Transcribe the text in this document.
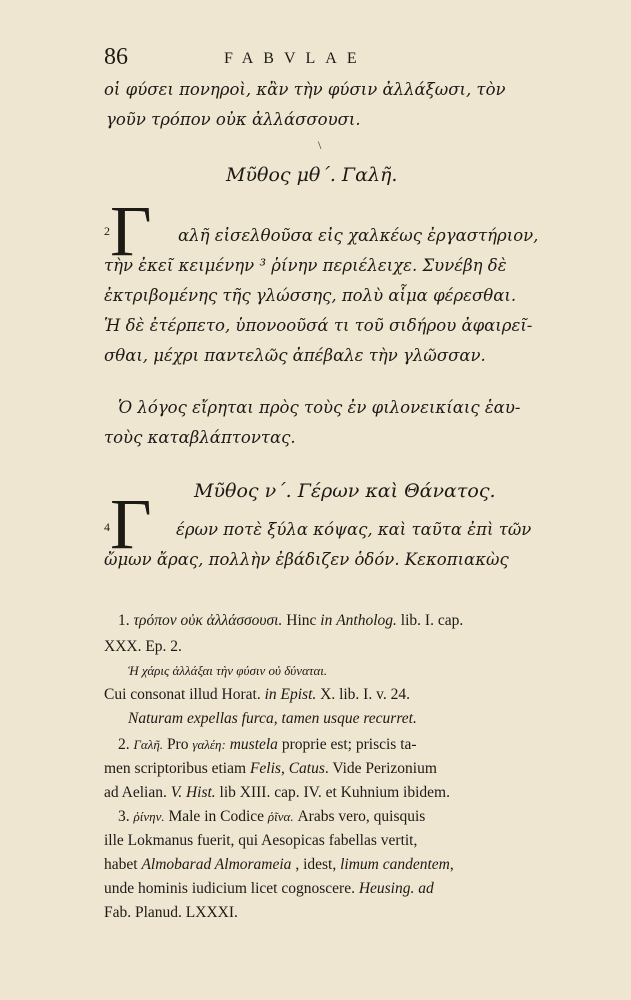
86	FABVLAE
οἱ φύσει πονηροὶ, κἂν τὴν φύσιν ἀλλάξωσι, τὸν
γοῦν τρόπον οὐκ ἀλλάσσουσι.
\
Μῦθος μθ΄. Γαλῆ.
2 Γ αλῆ εἰσελθοῦσα εἰς χαλκέως ἐργαστήριον,
τὴν ἐκεῖ κειμένην ³ ῥίνην περιέλειχε. Συνέβη δὲ
ἐκτριβομένης τῆς γλώσσης, πολὺ αἷμα φέρεσθαι.
Ἡ δὲ ἐτέρπετο, ὑπονοοῦσά τι τοῦ σιδήρου ἀφαιρεῖ-
σθαι, μέχρι παντελῶς ἀπέβαλε τὴν γλῶσσαν.
Ὁ λόγος εἴρηται πρὸς τοὺς ἐν φιλονεικίαις ἑαυ-
τοὺς καταβλάπτοντας.
Μῦθος ν΄. Γέρων καὶ Θάνατος.
4 Γ έρων ποτὲ ξύλα κόψας, καὶ ταῦτα ἐπὶ τῶν
ὤμων ἄρας, πολλὴν ἐβάδιζεν ὁδόν. Κεκοπιακὼς
1. τρόπον οὐκ ἀλλάσσουσι. Hinc in Antholog. lib. I. cap.
XXX. Ep. 2.
Ἡ χάρις ἀλλάξαι τὴν φύσιν οὐ δύναται.
Cui consonat illud Horat. in Epist. X. lib. I. v. 24.
Naturam expellas furca, tamen usque recurret.
2. Γαλῆ. Pro γαλέη: mustela proprie est; priscis ta-
men scriptoribus etiam Felis, Catus. Vide Perizonium
ad Aelian. V. Hist. lib XIII. cap. IV. et Kuhnium ibidem.
3. ῥίνην. Male in Codice ῥῖνα. Arabs vero, quisquis
ille Lokmanus fuerit, qui Aesopicas fabellas vertit,
habet Almobarad Almorameia , idest, limum candentem,
unde hominis iudicium licet cognoscere. Heusing. ad
Fab. Planud. LXXXI.
